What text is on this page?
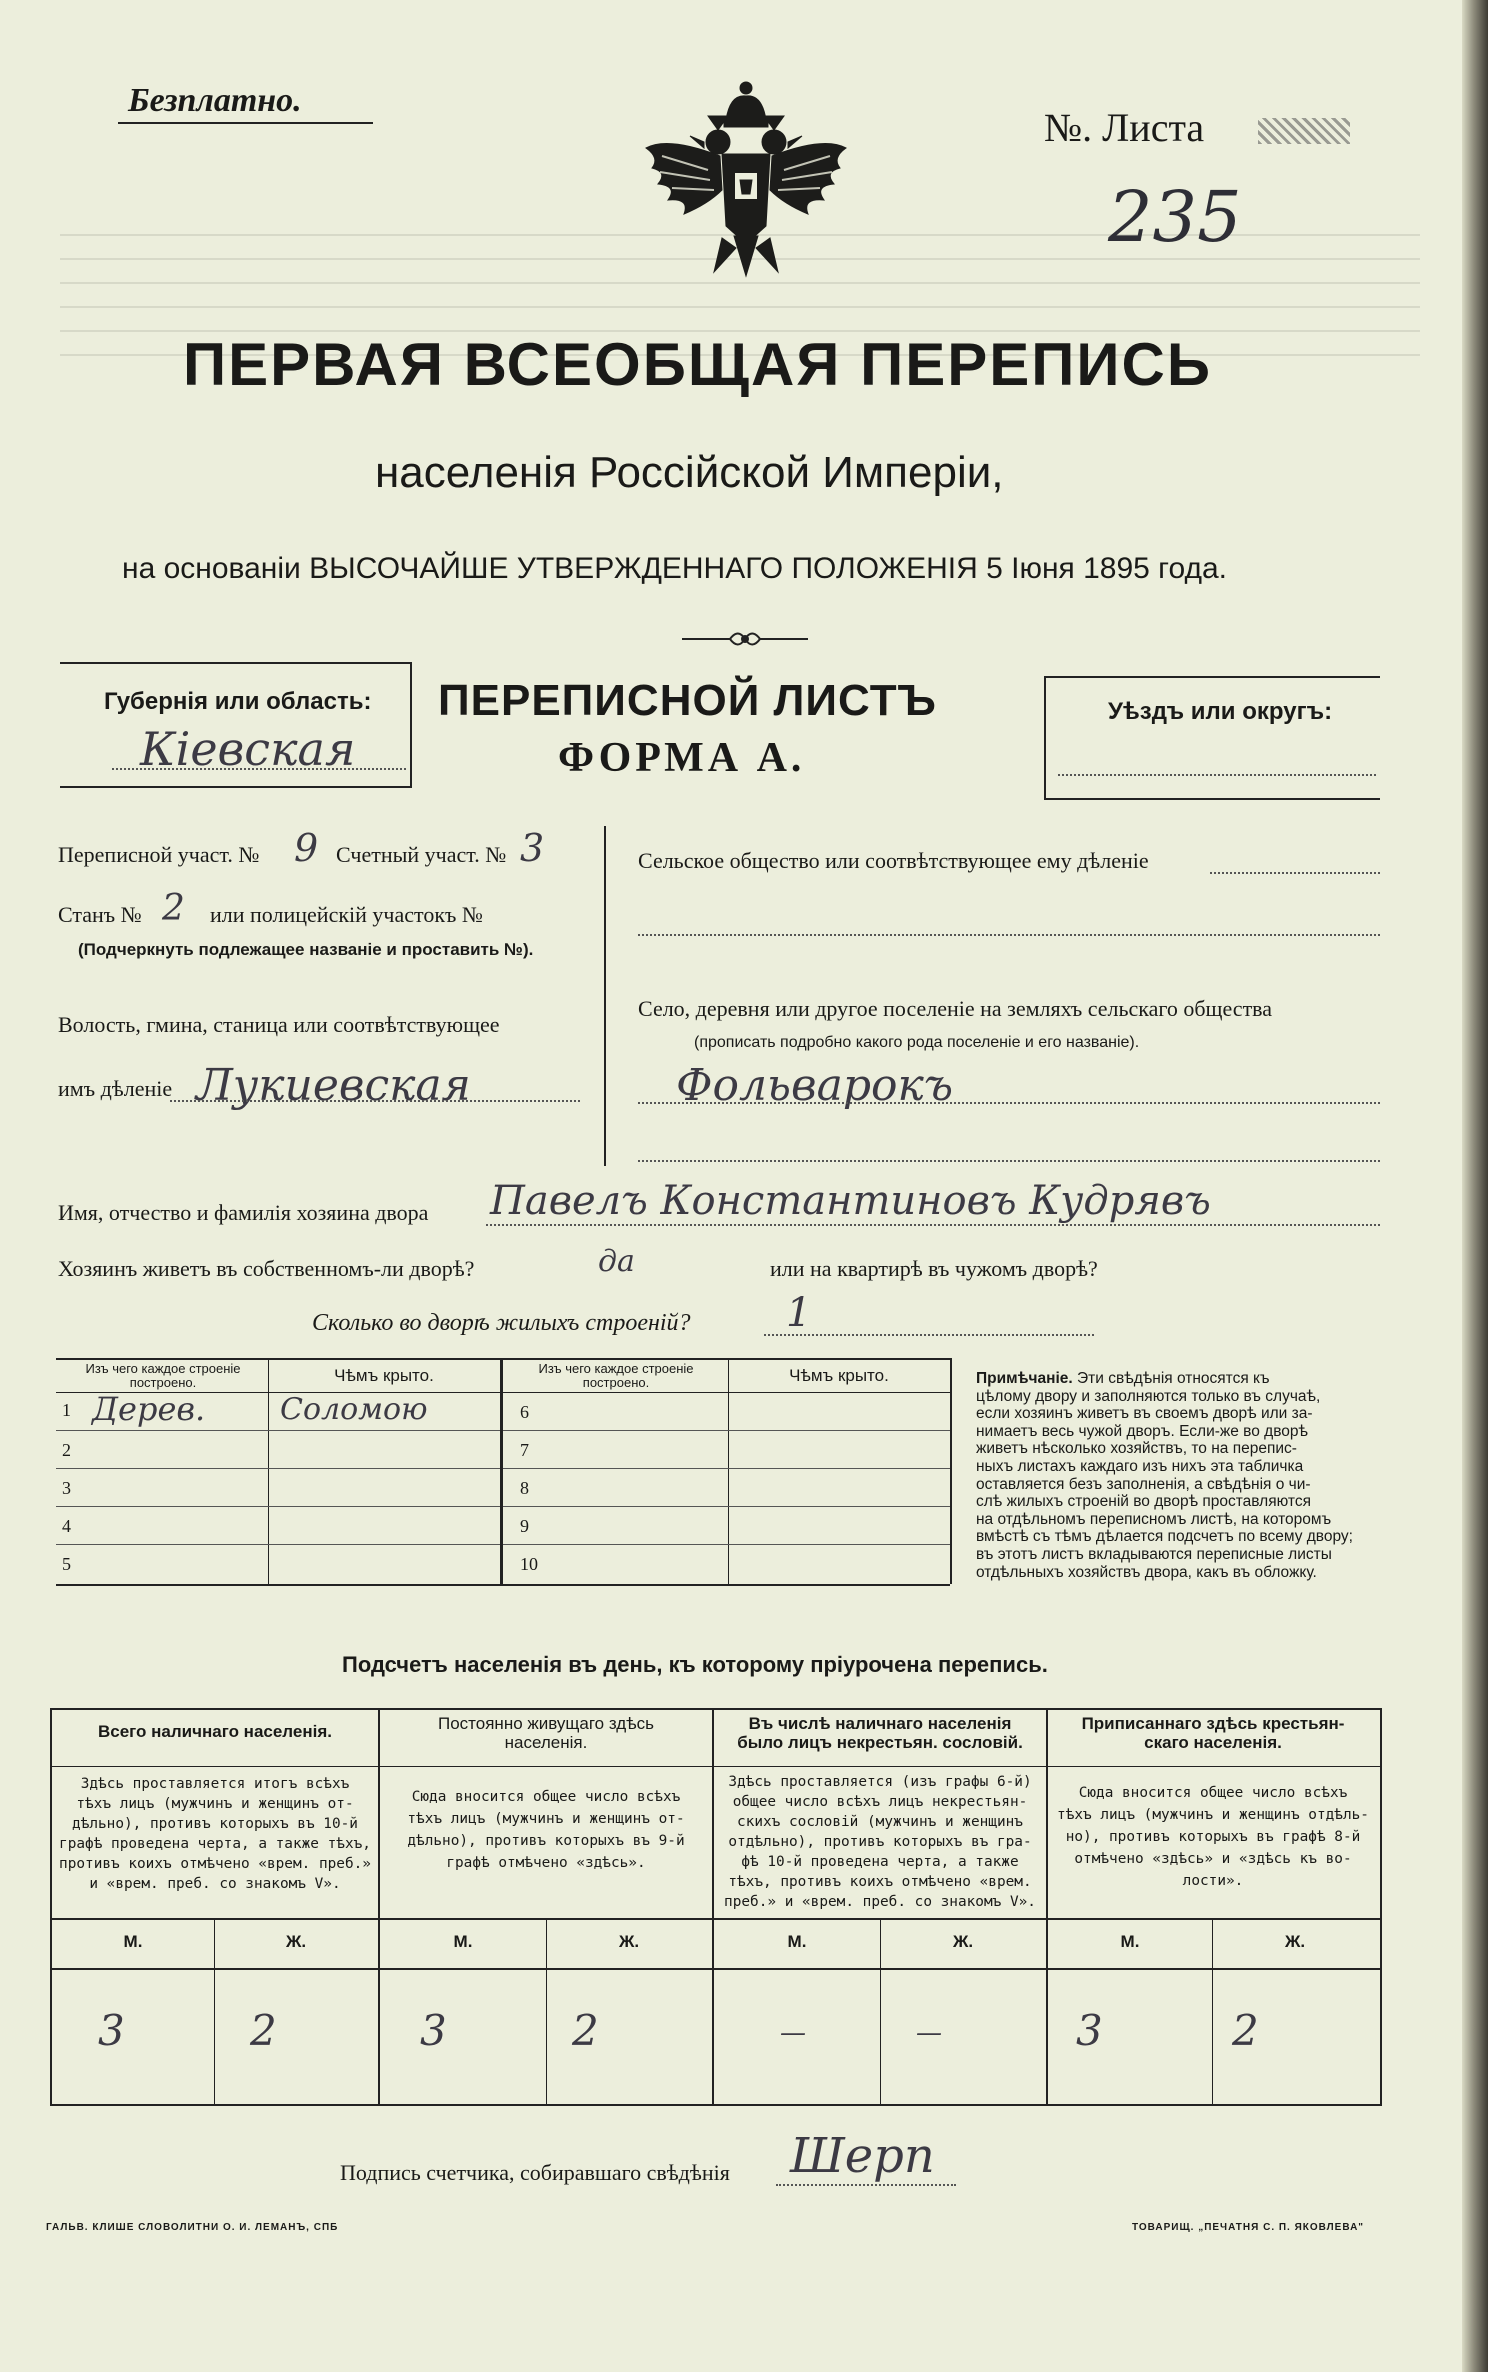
Безплатно.
№. Листа
235
ПЕРВАЯ ВСЕОБЩАЯ ПЕРЕПИСЬ
населенія Россійской Имперіи,
на основаніи ВЫСОЧАЙШЕ УТВЕРЖДЕННАГО ПОЛОЖЕНІЯ 5 Іюня 1895 года.
Губернія или область:
Кіевская
ПЕРЕПИСНОЙ ЛИСТЪ
ФОРМА А.
Уѣздъ или округъ:
Переписной участ. № 9 Счетный участ. № 3
Станъ № 2 или полицейскій участокъ №
(Подчеркнуть подлежащее названіе и проставить №).
Волость, гмина, станица или соотвѣтствующее
имъ дѣленіе Лукиевская
Сельское общество или соотвѣтствующее ему дѣленіе
Село, деревня или другое поселеніе на земляхъ сельскаго общества
(прописать подробно какого рода поселеніе и его названіе).
Фольварокъ
Имя, отчество и фамилія хозяина двора Павелъ Константиновъ Кудрявъ
Хозяинъ живетъ въ собственномъ-ли дворѣ?	да	или на квартирѣ въ чужомъ дворѣ?
Сколько во дворѣ жилыхъ строеній? 1
Изъ чего каждое строеніе построено.	Чѣмъ крыто.	Изъ чего каждое строеніе построено.	Чѣмъ крыто.
1 Дерев. Соломою
2
3
4
5
6
7
8
9
10
Примѣчаніе. Эти свѣдѣнія относятся къ
цѣлому двору и заполняются только въ случаѣ,
если хозяинъ живетъ въ своемъ дворѣ или за-
нимаетъ весь чужой дворъ. Если-же во дворѣ
живетъ нѣсколько хозяйствъ, то на перепис-
ныхъ листахъ каждаго изъ нихъ эта табличка
оставляется безъ заполненія, а свѣдѣнія о чи-
слѣ жилыхъ строеній во дворѣ проставляются
на отдѣльномъ переписномъ листѣ, на которомъ
вмѣстѣ съ тѣмъ дѣлается подсчетъ по всему двору;
въ этотъ листъ вкладываются переписные листы
отдѣльныхъ хозяйствъ двора, какъ въ обложку.
Подсчетъ населенія въ день, къ которому пріурочена перепись.
Всего наличнаго населенія.
Здѣсь проставляется итогъ всѣхъ
тѣхъ лицъ (мужчинъ и женщинъ от-
дѣльно), противъ которыхъ въ 10-й
графѣ проведена черта, а также тѣхъ,
противъ коихъ отмѣчено «врем. преб.»
и «врем. преб. со знакомъ V».
Постоянно живущаго здѣсь
населенія.
Сюда вносится общее число всѣхъ
тѣхъ лицъ (мужчинъ и женщинъ от-
дѣльно), противъ которыхъ въ 9-й
графѣ отмѣчено «здѣсь».
Въ числѣ наличнаго населенія
было лицъ некрестьян. сословій.
Здѣсь проставляется (изъ графы 6-й)
общее число всѣхъ лицъ некрестьян-
скихъ сословій (мужчинъ и женщинъ
отдѣльно), противъ которыхъ въ гра-
фѣ 10-й проведена черта, а также
тѣхъ, противъ коихъ отмѣчено «врем.
преб.» и «врем. преб. со знакомъ V».
Приписаннаго здѣсь крестьян-
скаго населенія.
Сюда вносится общее число всѣхъ
тѣхъ лицъ (мужчинъ и женщинъ отдѣль-
но), противъ которыхъ въ графѣ 8-й
отмѣчено «здѣсь» и «здѣсь къ во-
лости».
М.	Ж.	М.	Ж.	М.	Ж.	М.	Ж.
3	2	3	2	—	—	3	2
Подпись счетчика, собиравшаго свѣдѣнія Шерп
ГАЛЬВ. КЛИШЕ СЛОВОЛИТНИ О. И. ЛЕМАНЪ, СПБ	ТОВАРИЩ. „ПЕЧАТНЯ С. П. ЯКОВЛЕВА"
